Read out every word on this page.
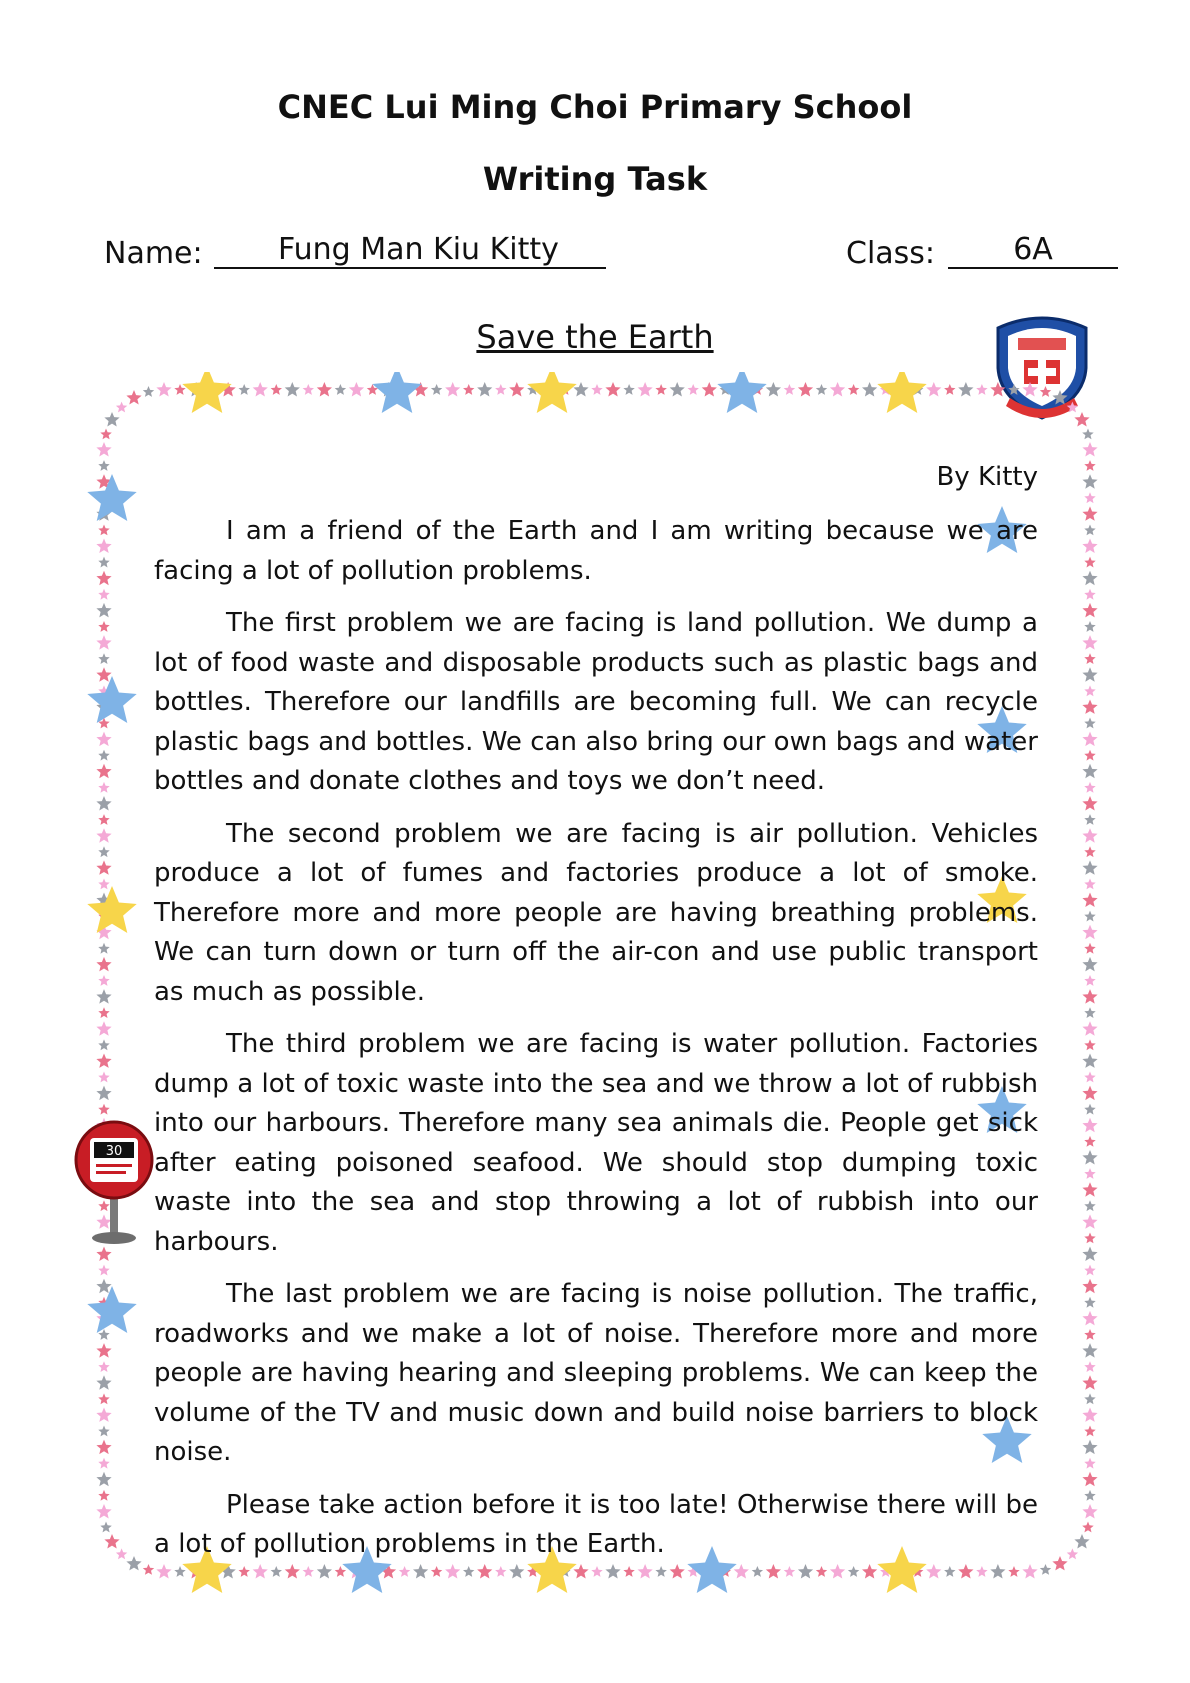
CNEC Lui Ming Choi Primary School
Writing Task
Name:	Fung Man Kiu Kitty	Class:	6A
Save the Earth
30
By Kitty

I am a friend of the Earth and I am writing because we are facing a lot of pollution problems.

The first problem we are facing is land pollution. We dump a lot of food waste and disposable products such as plastic bags and bottles. Therefore our landfills are becoming full. We can recycle plastic bags and bottles. We can also bring our own bags and water bottles and donate clothes and toys we don’t need.

The second problem we are facing is air pollution. Vehicles produce a lot of fumes and factories produce a lot of smoke. Therefore more and more people are having breathing problems. We can turn down or turn off the air-con and use public transport as much as possible.

The third problem we are facing is water pollution. Factories dump a lot of toxic waste into the sea and we throw a lot of rubbish into our harbours. Therefore many sea animals die. People get sick after eating poisoned seafood. We should stop dumping toxic waste into the sea and stop throwing a lot of rubbish into our harbours.

The last problem we are facing is noise pollution. The traffic, roadworks and we make a lot of noise. Therefore more and more people are having hearing and sleeping problems. We can keep the volume of the TV and music down and build noise barriers to block noise.

Please take action before it is too late! Otherwise there will be a lot of pollution problems in the Earth.
